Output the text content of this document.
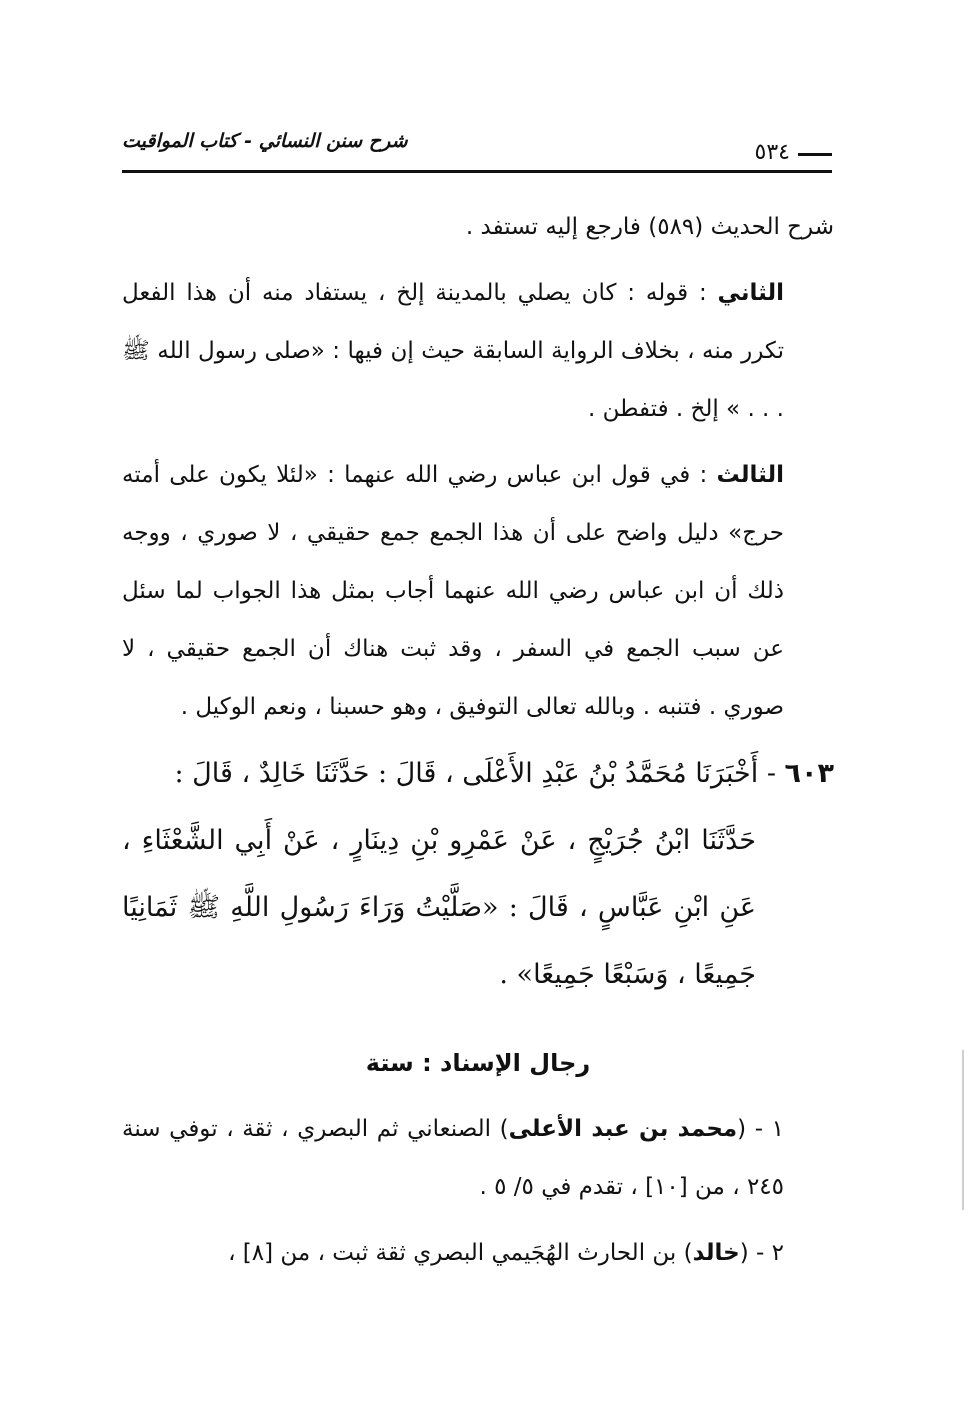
شرح سنن النسائي - كتاب المواقيت	٥٣٤

شرح الحديث (٥٨٩) فارجع إليه تستفد .

الثاني : قوله : كان يصلي بالمدينة إلخ ، يستفاد منه أن هذا الفعل تكرر منه ، بخلاف الرواية السابقة حيث إن فيها : «صلى رسول الله ﷺ . . . » إلخ . فتفطن .

الثالث : في قول ابن عباس رضي الله عنهما : «لئلا يكون على أمته حرج» دليل واضح على أن هذا الجمع جمع حقيقي ، لا صوري ، ووجه ذلك أن ابن عباس رضي الله عنهما أجاب بمثل هذا الجواب لما سئل عن سبب الجمع في السفر ، وقد ثبت هناك أن الجمع حقيقي ، لا صوري . فتنبه . وبالله تعالى التوفيق ، وهو حسبنا ، ونعم الوكيل .

٦٠٣ - أَخْبَرَنَا مُحَمَّدُ بْنُ عَبْدِ الأَعْلَى ، قَالَ : حَدَّثَنَا خَالِدٌ ، قَالَ :

حَدَّثَنَا ابْنُ جُرَيْجٍ ، عَنْ عَمْرِو بْنِ دِينَارٍ ، عَنْ أَبِي الشَّعْثَاءِ ، عَنِ ابْنِ عَبَّاسٍ ، قَالَ : «صَلَّيْتُ وَرَاءَ رَسُولِ اللَّهِ ﷺ ثَمَانِيًا جَمِيعًا ، وَسَبْعًا جَمِيعًا» .

رجال الإسناد : ستة

١ - (محمد بن عبد الأعلى) الصنعاني ثم البصري ، ثقة ، توفي سنة ٢٤٥ ، من [١٠] ، تقدم في ٥/ ٥ .

٢ - (خالد) بن الحارث الهُجَيمي البصري ثقة ثبت ، من [٨] ،
